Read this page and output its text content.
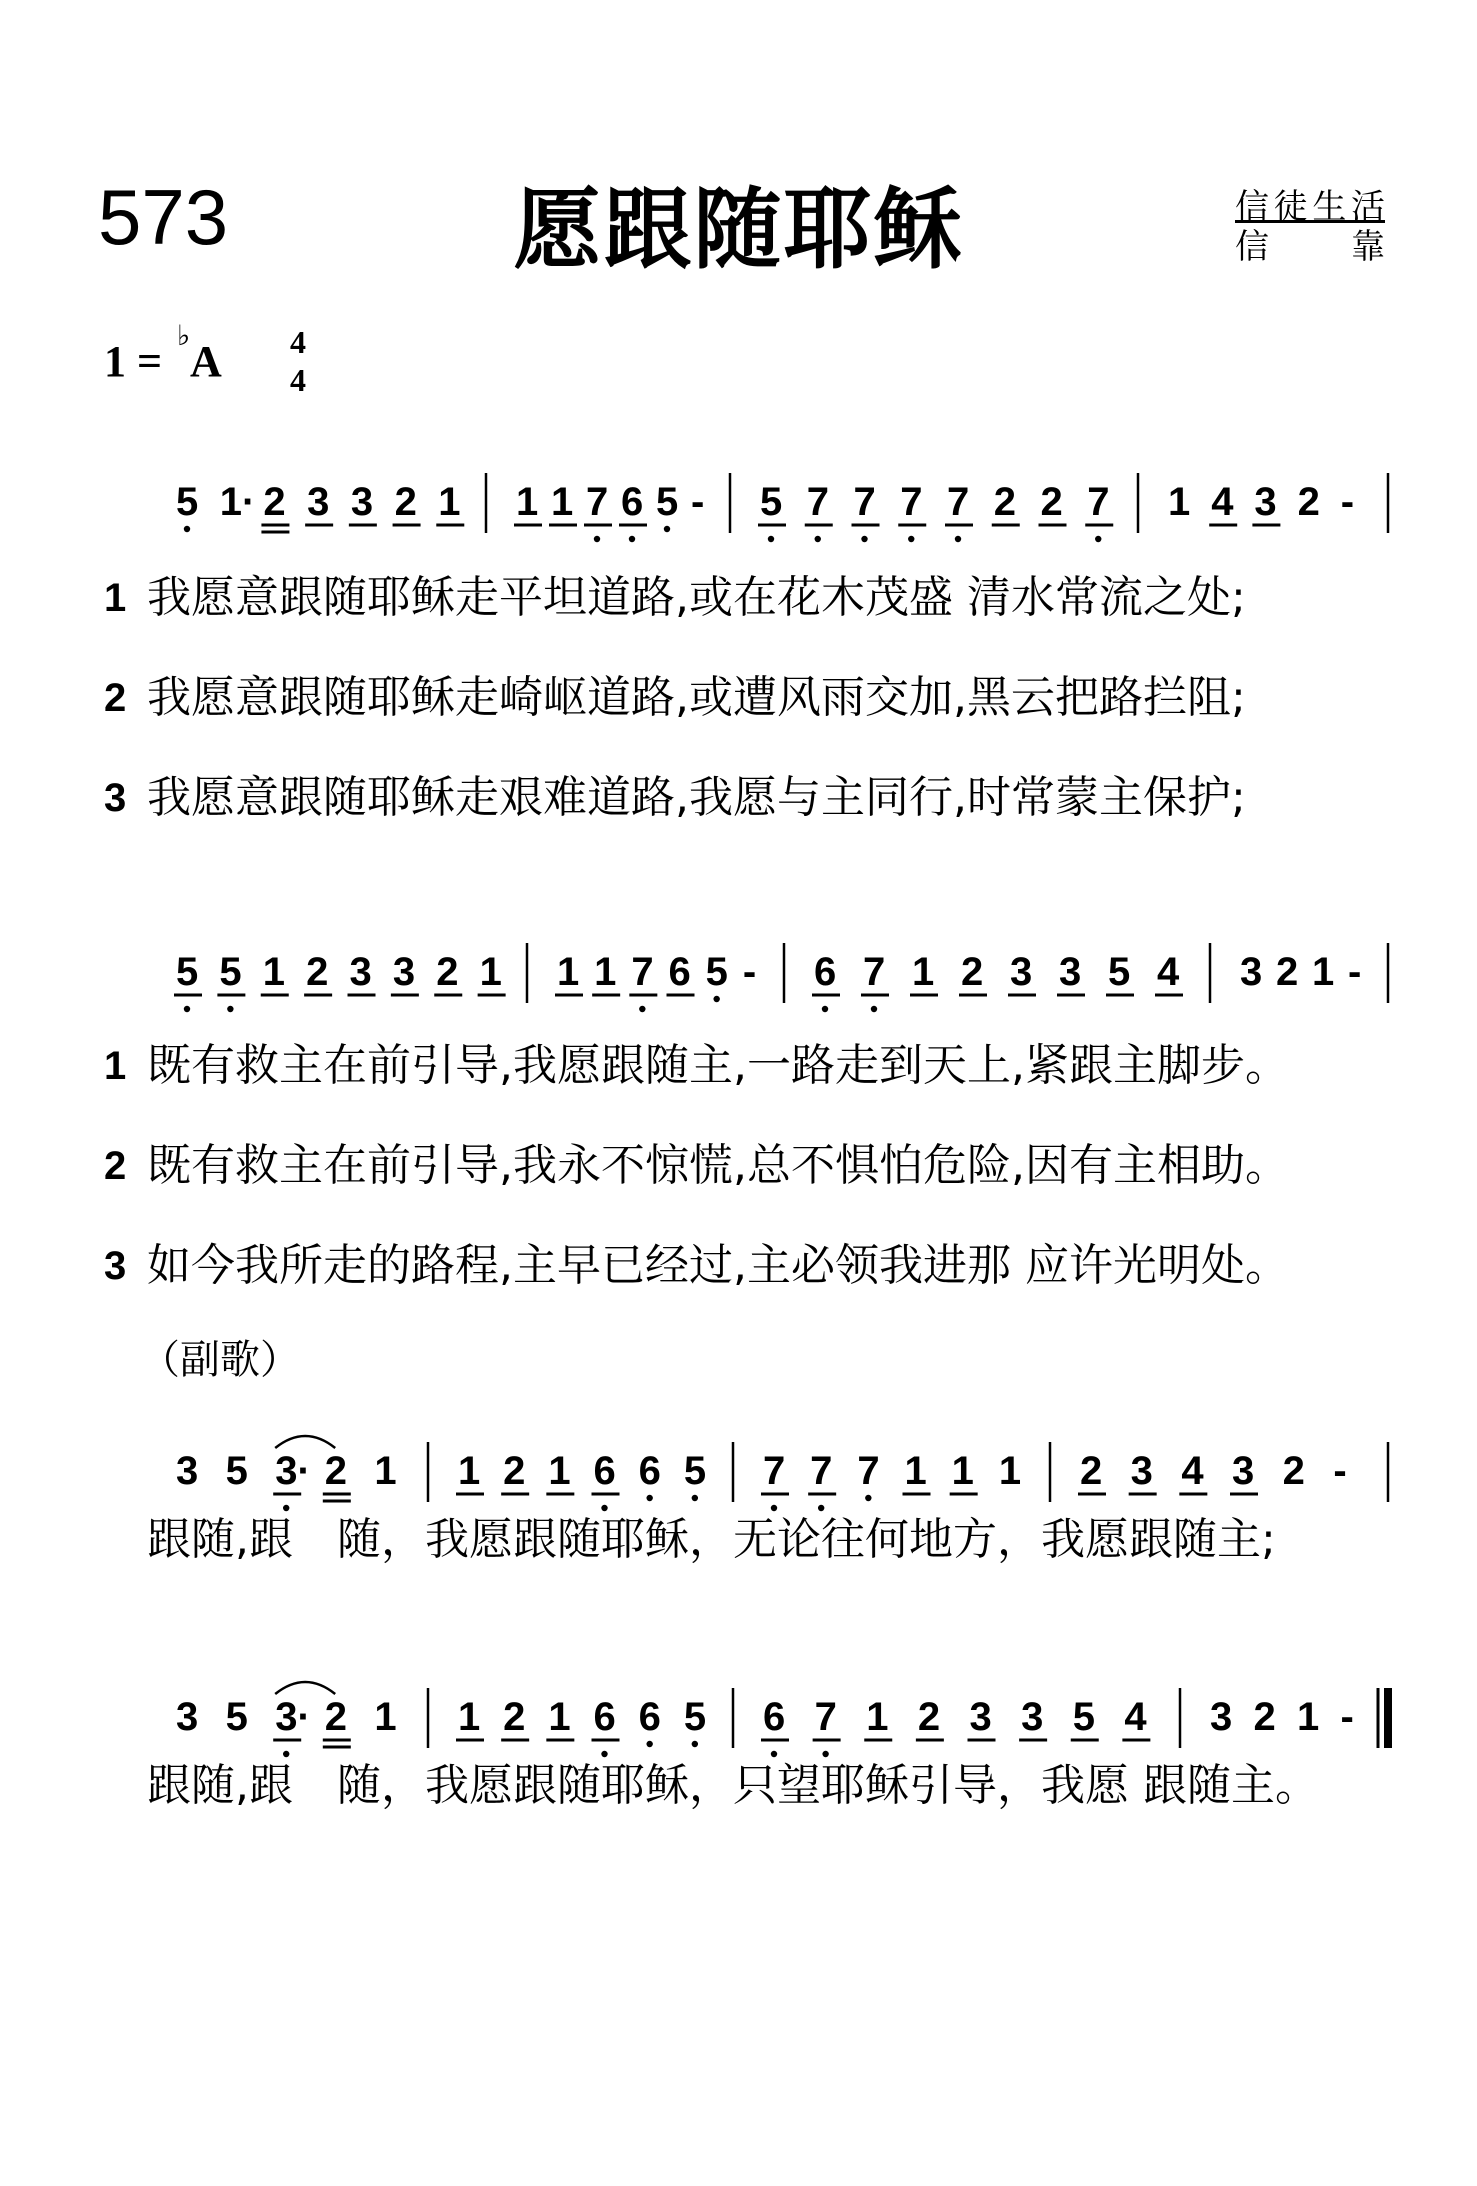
573	愿跟随耶稣	信徒生活
信　　靠
1 =
♭
A 4
4
5 1· 2 3 3 2 1 1 1 7 6 5 - 5 7 7 7 7 2 2 7 1 4 3 2 -
5 5 1 2 3 3 2 1 1 1 7 6 5 - 6 7 1 2 3 3 5 4 3 2 1 -
3 5 3· 2 1 1 2 1 6 6 5 7 7 7 1 1 1 2 3 4 3 2 -
3 5 3· 2 1 1 2 1 6 6 5 6 7 1 2 3 3 5 4 3 2 1 -
1 我愿意跟随耶稣走平坦道路,或在花木茂盛 清水常流之处;
2 我愿意跟随耶稣走崎岖道路,或遭风雨交加,黑云把路拦阻;
3 我愿意跟随耶稣走艰难道路,我愿与主同行,时常蒙主保护;
1 既有救主在前引导,我愿跟随主,一路走到天上,紧跟主脚步。
2 既有救主在前引导,我永不惊慌,总不惧怕危险,因有主相助。
3 如今我所走的路程,主早已经过,主必领我进那 应许光明处。
（副歌）
跟随,跟　随，我愿跟随耶稣，无论往何地方，我愿跟随主;
跟随,跟　随，我愿跟随耶稣，只望耶稣引导，我愿 跟随主。
